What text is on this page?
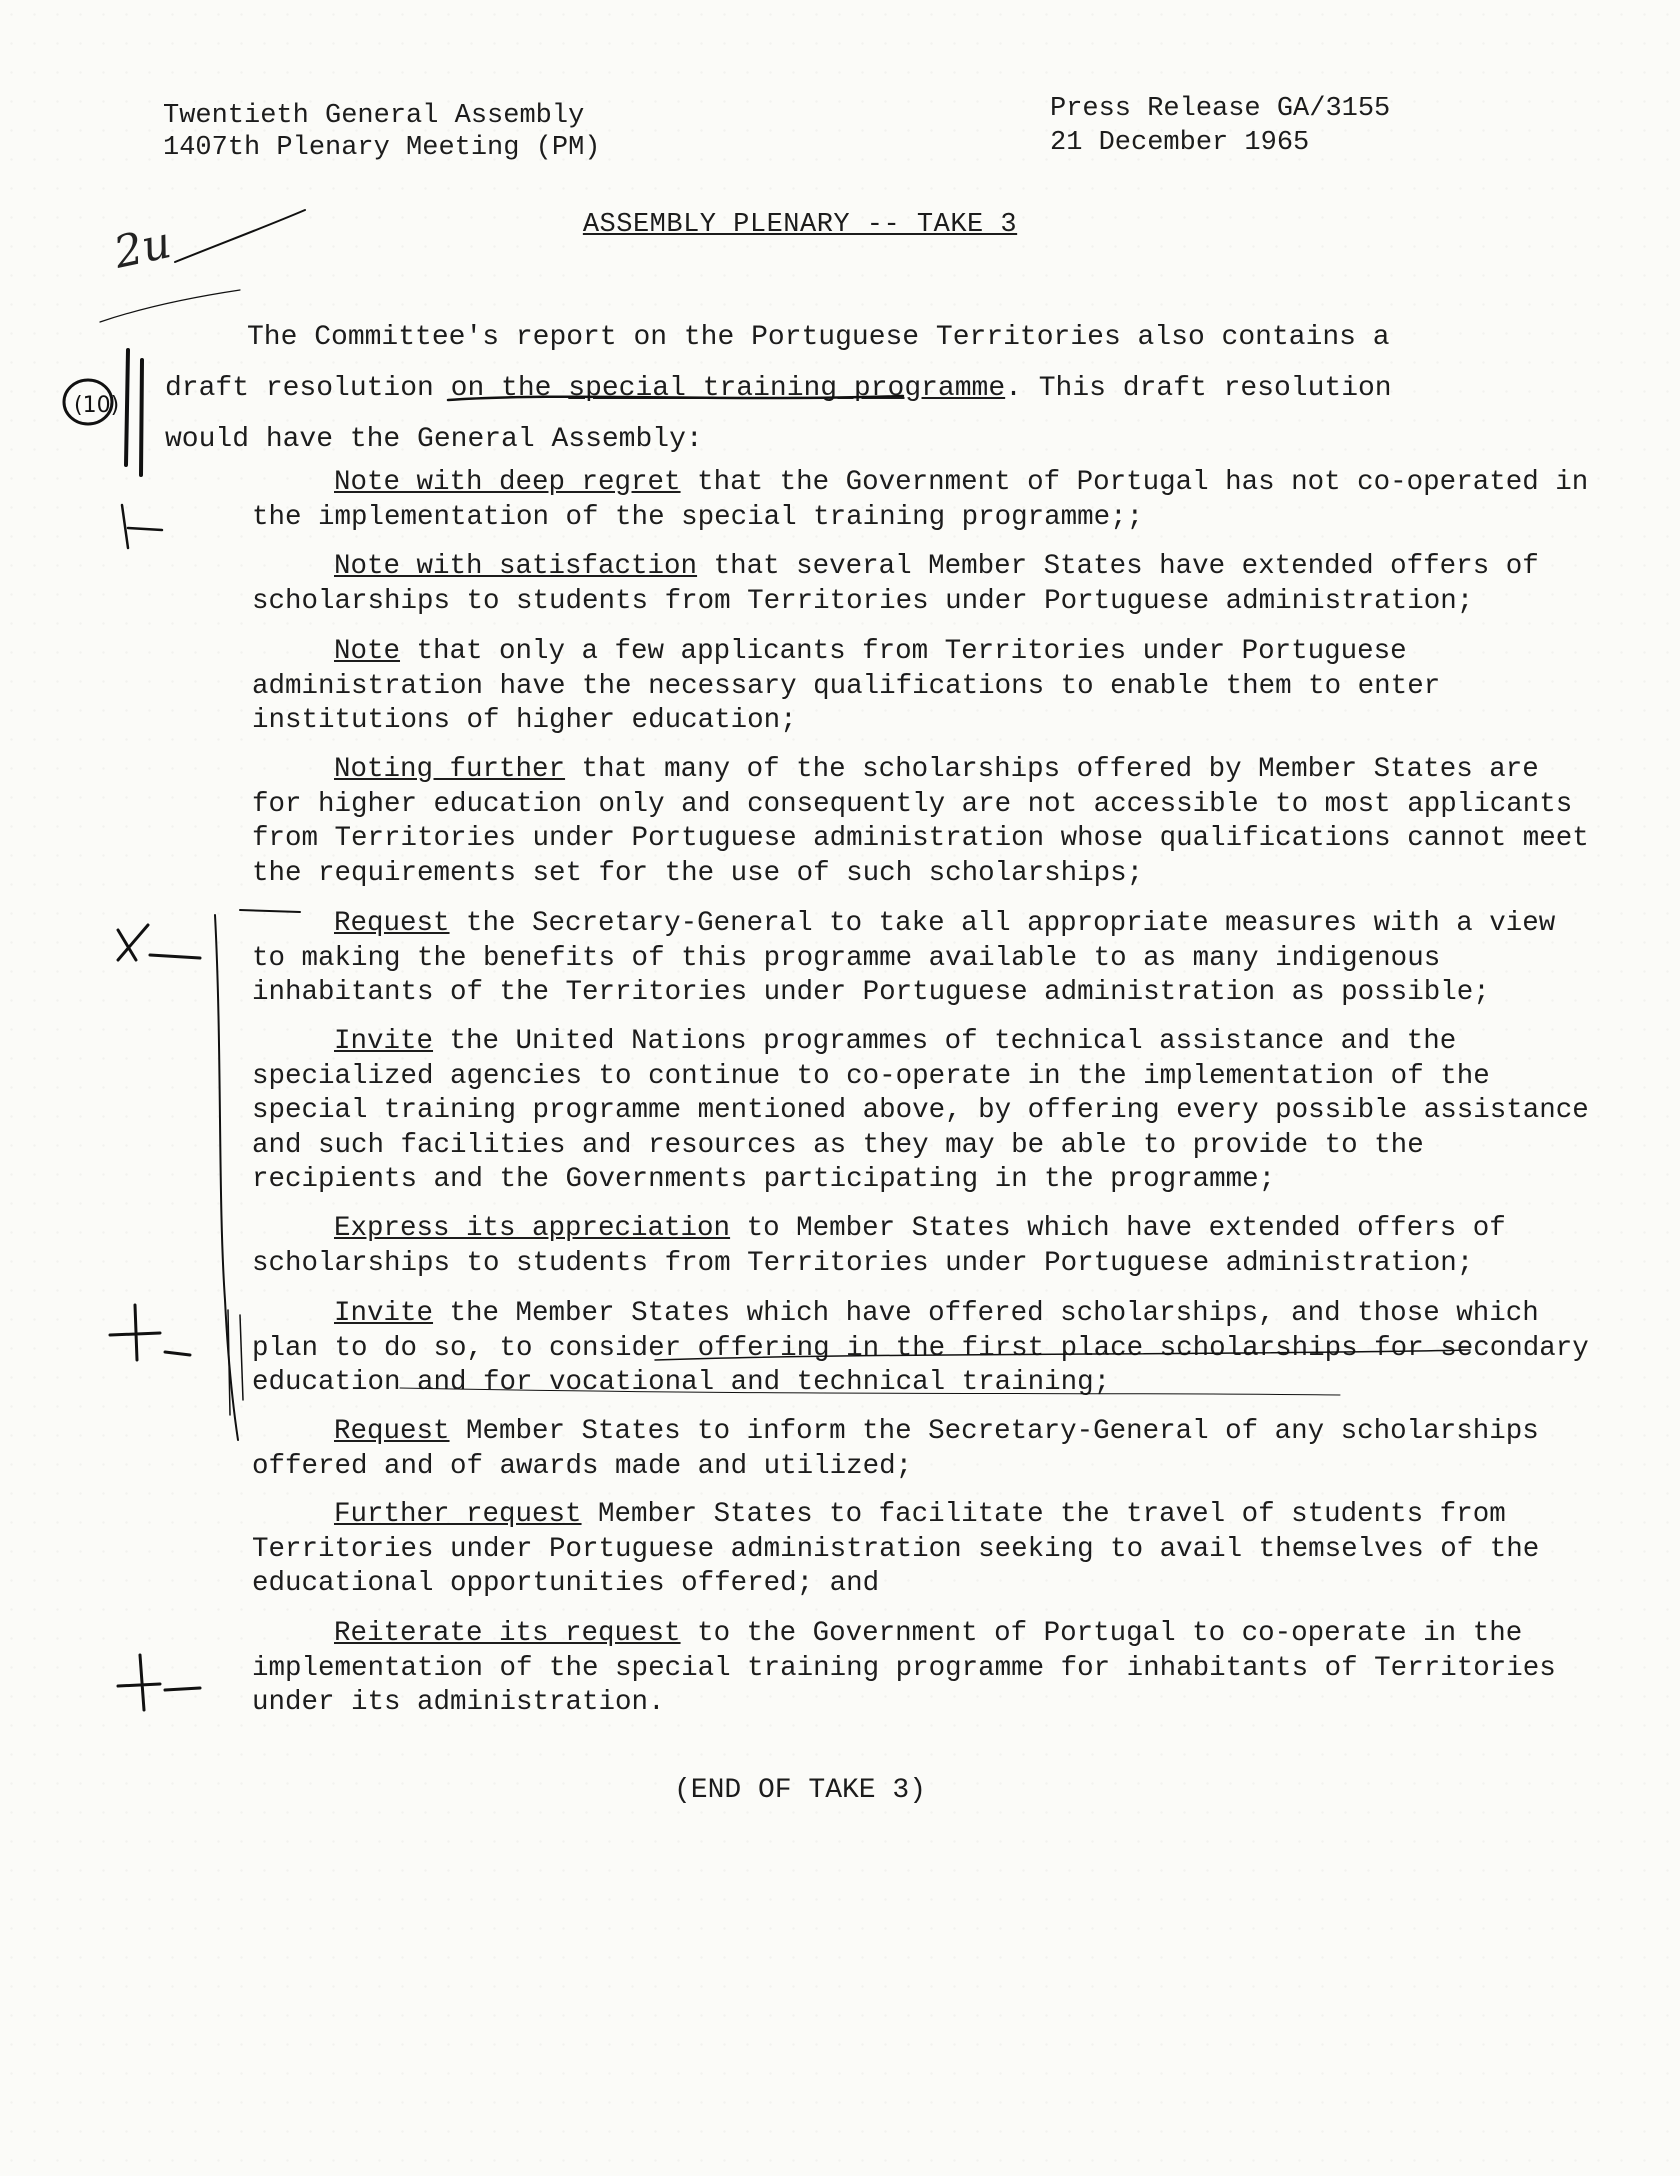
Twentieth General Assembly
1407th Plenary Meeting (PM)
Press Release GA/3155
21 December 1965
ASSEMBLY PLENARY -- TAKE 3

The Committee's report on the Portuguese Territories also contains a draft resolution on the special training programme. This draft resolution would have the General Assembly:

Note with deep regret that the Government of Portugal has not co-operated in the implementation of the special training programme;;

Note with satisfaction that several Member States have extended offers of scholarships to students from Territories under Portuguese administration;

Note that only a few applicants from Territories under Portuguese administration have the necessary qualifications to enable them to enter institutions of higher education;

Noting further that many of the scholarships offered by Member States are for higher education only and consequently are not accessible to most applicants from Territories under Portuguese administration whose qualifications cannot meet the requirements set for the use of such scholarships;

Request the Secretary-General to take all appropriate measures with a view to making the benefits of this programme available to as many indigenous inhabitants of the Territories under Portuguese administration as possible;

Invite the United Nations programmes of technical assistance and the specialized agencies to continue to co-operate in the implementation of the special training programme mentioned above, by offering every possible assistance and such facilities and resources as they may be able to provide to the recipients and the Governments participating in the programme;

Express its appreciation to Member States which have extended offers of scholarships to students from Territories under Portuguese administration;

Invite the Member States which have offered scholarships, and those which plan to do so, to consider offering in the first place scholarships for secondary education and for vocational and technical training;

Request Member States to inform the Secretary-General of any scholarships offered and of awards made and utilized;

Further request Member States to facilitate the travel of students from Territories under Portuguese administration seeking to avail themselves of the educational opportunities offered; and

Reiterate its request to the Government of Portugal to co-operate in the implementation of the special training programme for inhabitants of Territories under its administration.

(END OF TAKE 3)
2u
(10)
